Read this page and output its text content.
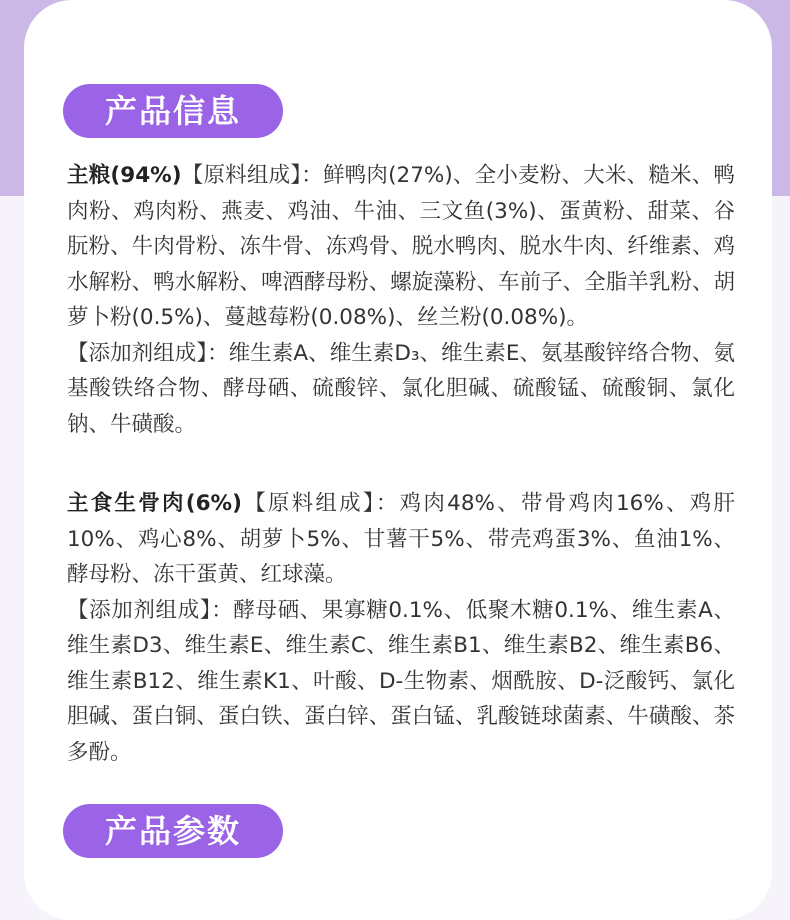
产品信息

主粮(94%)【原料组成】：鲜鸭肉(27%)、全小麦粉、大米、糙米、鸭肉粉、鸡肉粉、燕麦、鸡油、牛油、三文鱼(3%)、蛋黄粉、甜菜、谷朊粉、牛肉骨粉、冻牛骨、冻鸡骨、脱水鸭肉、脱水牛肉、纤维素、鸡水解粉、鸭水解粉、啤酒酵母粉、螺旋藻粉、车前子、全脂羊乳粉、胡萝卜粉(0.5%)、蔓越莓粉(0.08%)、丝兰粉(0.08%)。

【添加剂组成】：维生素A、维生素D₃、维生素E、氨基酸锌络合物、氨基酸铁络合物、酵母硒、硫酸锌、氯化胆碱、硫酸锰、硫酸铜、氯化钠、牛磺酸。

主食生骨肉(6%)【原料组成】：鸡肉48%、带骨鸡肉16%、鸡肝10%、鸡心8%、胡萝卜5%、甘薯干5%、带壳鸡蛋3%、鱼油1%、酵母粉、冻干蛋黄、红球藻。

【添加剂组成】：酵母硒、果寡糖0.1%、低聚木糖0.1%、维生素A、维生素D3、维生素E、维生素C、维生素B1、维生素B2、维生素B6、维生素B12、维生素K1、叶酸、D-生物素、烟酰胺、D-泛酸钙、氯化胆碱、蛋白铜、蛋白铁、蛋白锌、蛋白锰、乳酸链球菌素、牛磺酸、茶多酚。

产品参数
